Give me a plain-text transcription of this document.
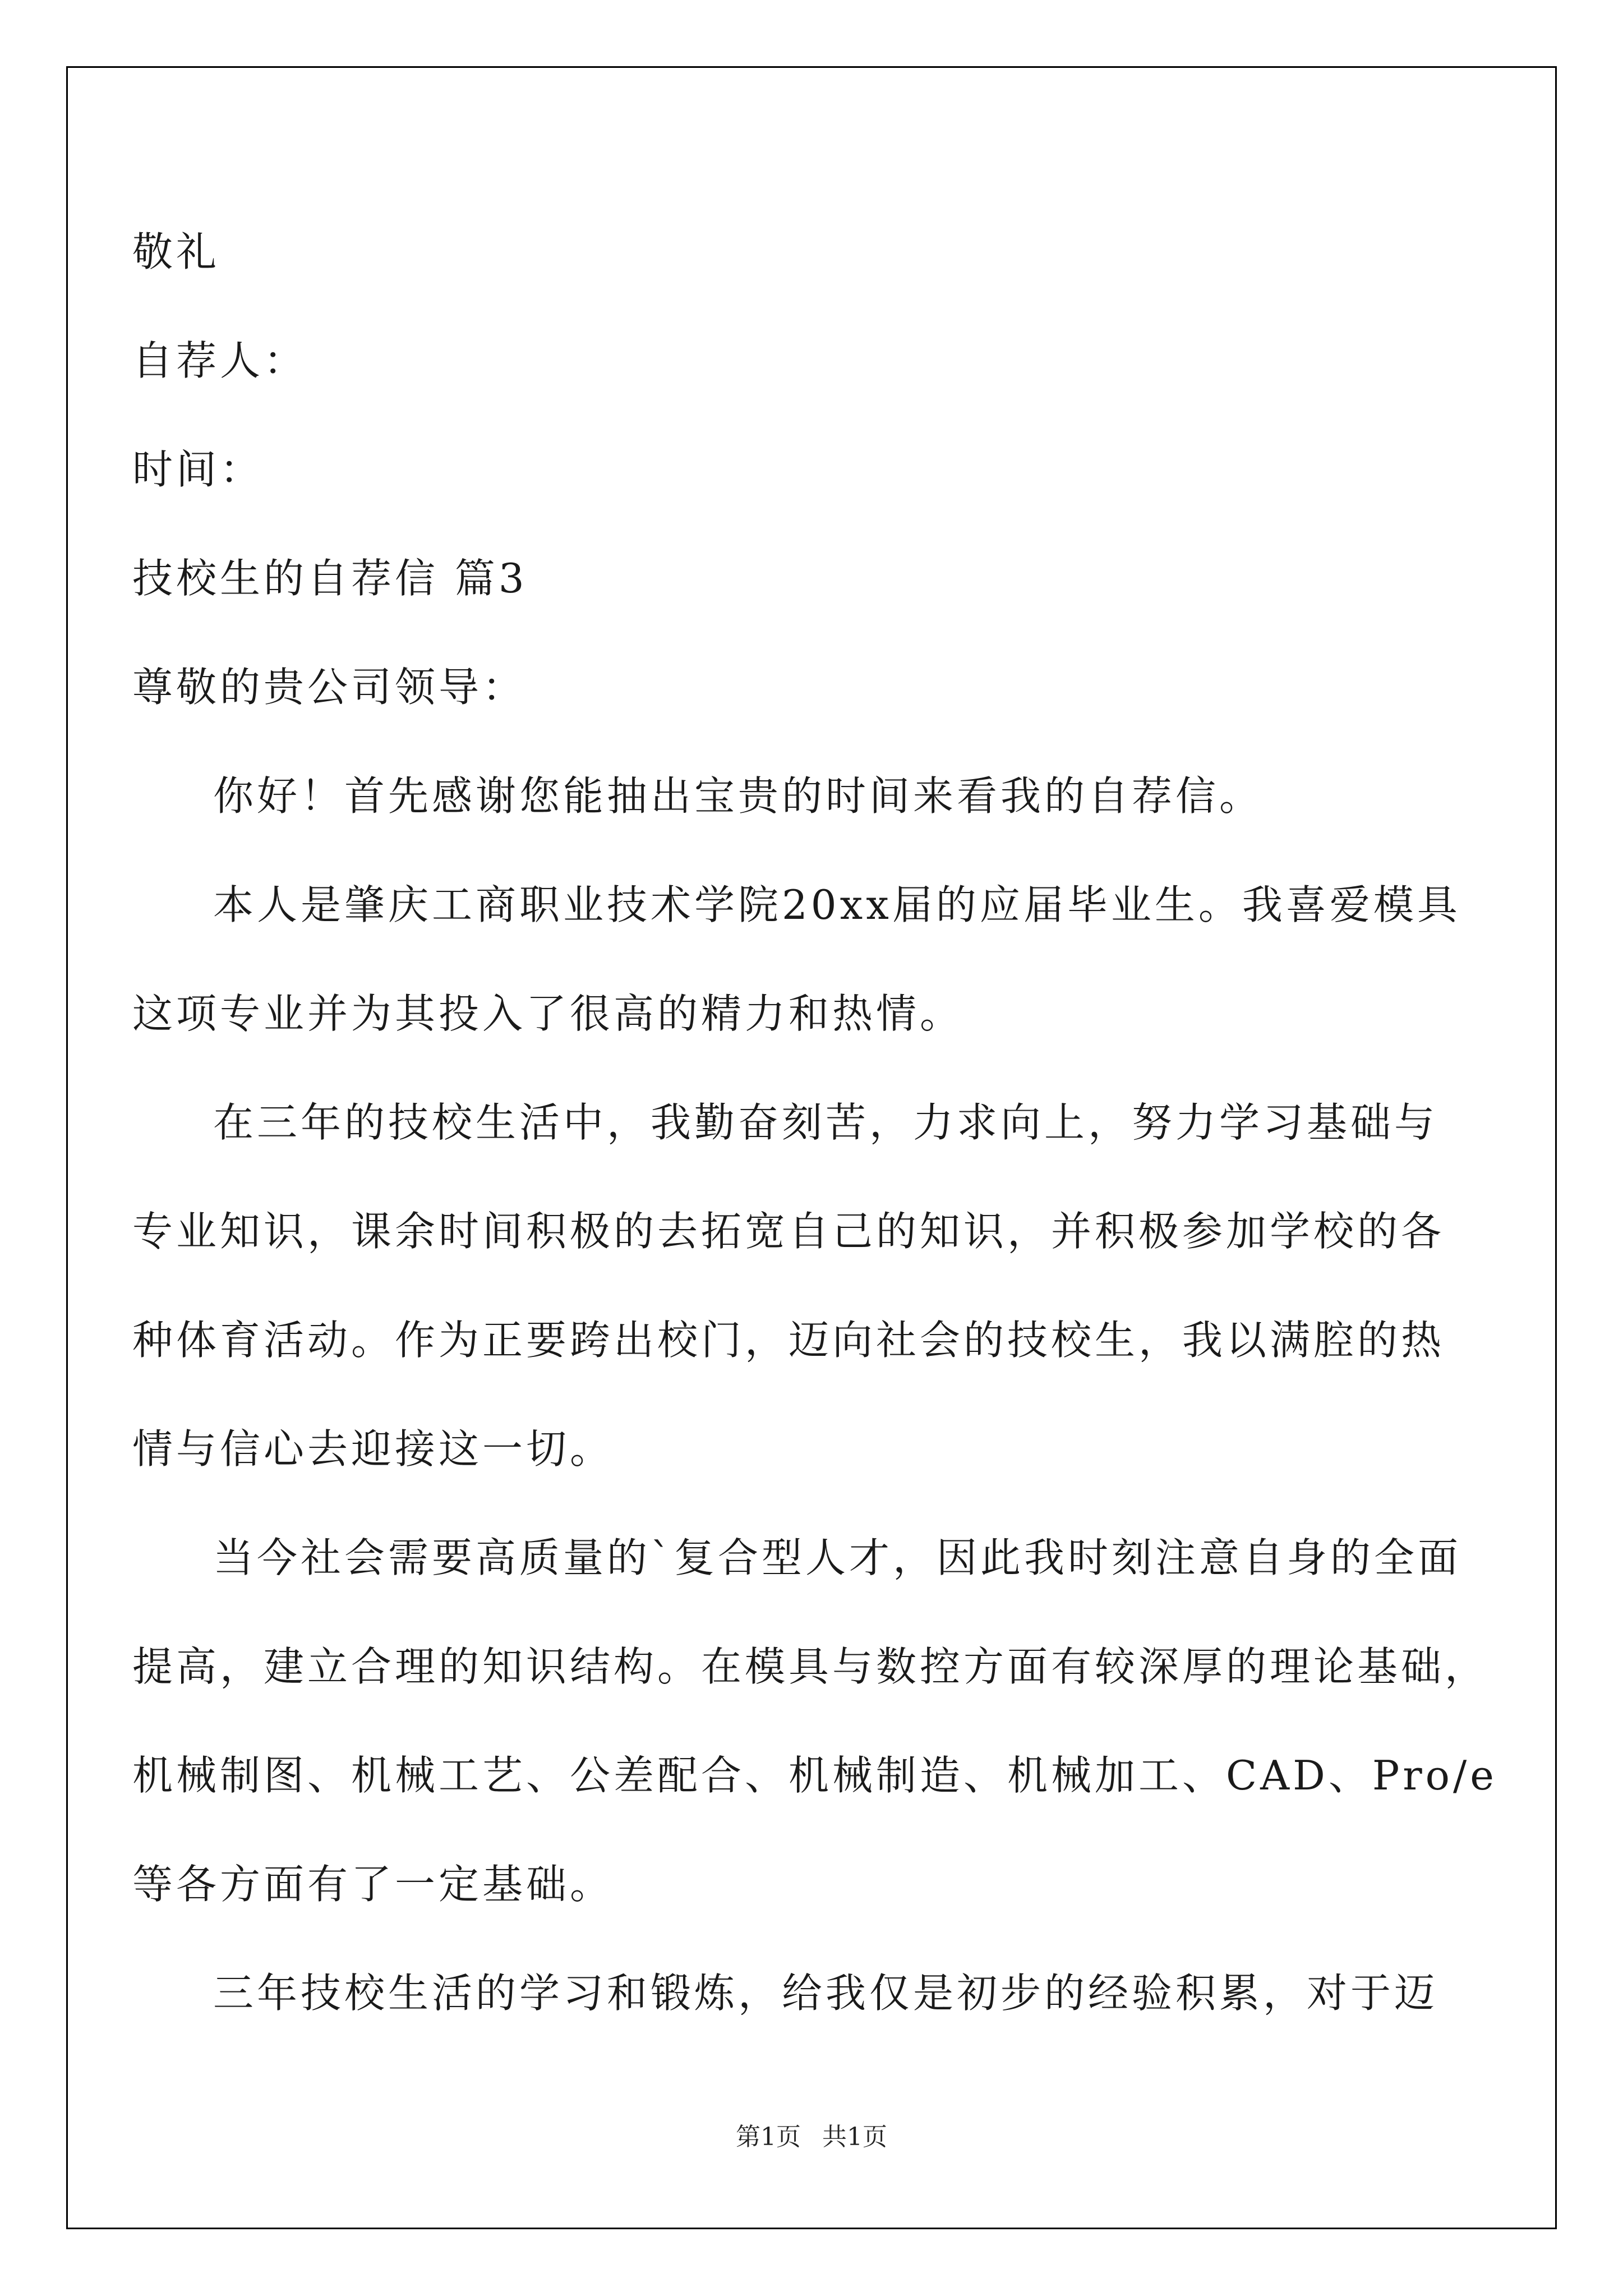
敬礼
自荐人：
时间：
技校生的自荐信 篇3
尊敬的贵公司领导：
你好！首先感谢您能抽出宝贵的时间来看我的自荐信。
本人是肇庆工商职业技术学院20xx届的应届毕业生。我喜爱模具
这项专业并为其投入了很高的精力和热情。
在三年的技校生活中，我勤奋刻苦，力求向上，努力学习基础与
专业知识，课余时间积极的去拓宽自己的知识，并积极参加学校的各
种体育活动。作为正要跨出校门，迈向社会的技校生，我以满腔的热
情与信心去迎接这一切。
当今社会需要高质量的`复合型人才，因此我时刻注意自身的全面
提高，建立合理的知识结构。在模具与数控方面有较深厚的理论基础，
机械制图、机械工艺、公差配合、机械制造、机械加工、CAD、Pro/e
等各方面有了一定基础。
三年技校生活的学习和锻炼，给我仅是初步的经验积累，对于迈
第1页 共1页
